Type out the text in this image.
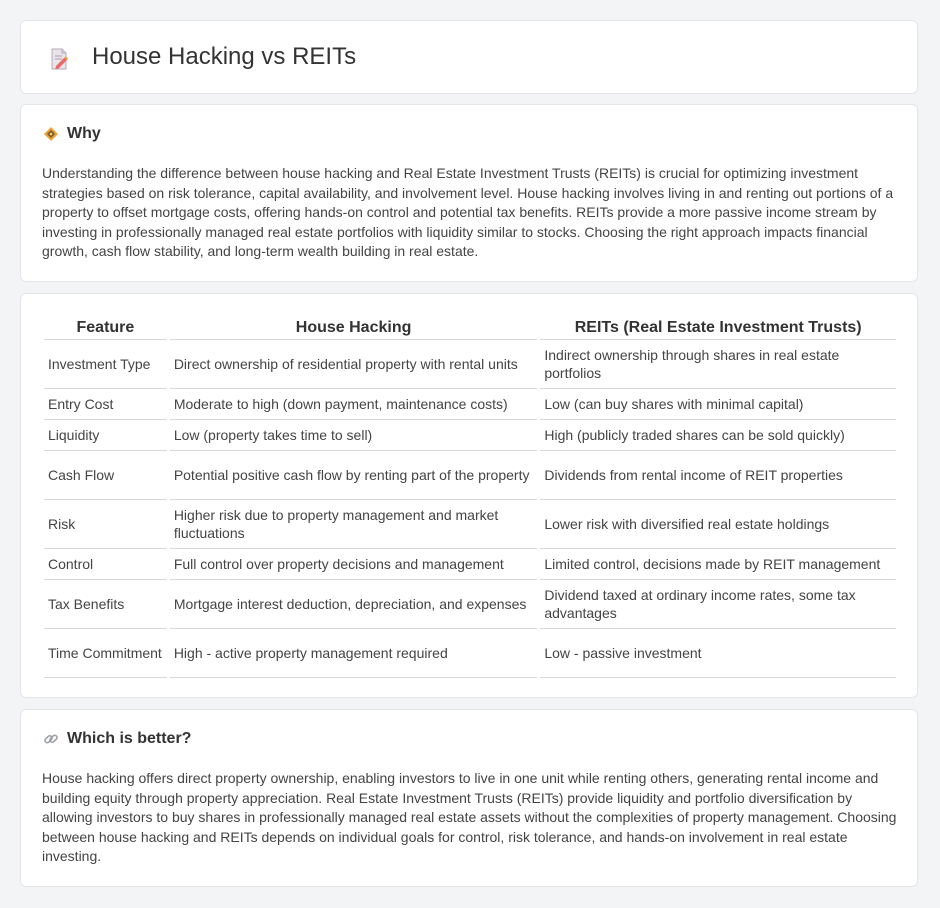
House Hacking vs REITs
Why

Understanding the difference between house hacking and Real Estate Investment Trusts (REITs) is crucial for optimizing investment strategies based on risk tolerance, capital availability, and involvement level. House hacking involves living in and renting out portions of a property to offset mortgage costs, offering hands-on control and potential tax benefits. REITs provide a more passive income stream by investing in professionally managed real estate portfolios with liquidity similar to stocks. Choosing the right approach impacts financial growth, cash flow stability, and long-term wealth building in real estate.

Feature	House Hacking	REITs (Real Estate Investment Trusts)
Investment Type	Direct ownership of residential property with rental units	Indirect ownership through shares in real estate portfolios
Entry Cost	Moderate to high (down payment, maintenance costs)	Low (can buy shares with minimal capital)
Liquidity	Low (property takes time to sell)	High (publicly traded shares can be sold quickly)
Cash Flow	Potential positive cash flow by renting part of the property	Dividends from rental income of REIT properties
Risk	Higher risk due to property management and market fluctuations	Lower risk with diversified real estate holdings
Control	Full control over property decisions and management	Limited control, decisions made by REIT management
Tax Benefits	Mortgage interest deduction, depreciation, and expenses	Dividend taxed at ordinary income rates, some tax advantages
Time Commitment	High - active property management required	Low - passive investment
Which is better?

House hacking offers direct property ownership, enabling investors to live in one unit while renting others, generating rental income and building equity through property appreciation. Real Estate Investment Trusts (REITs) provide liquidity and portfolio diversification by allowing investors to buy shares in professionally managed real estate assets without the complexities of property management. Choosing between house hacking and REITs depends on individual goals for control, risk tolerance, and hands-on involvement in real estate investing.
